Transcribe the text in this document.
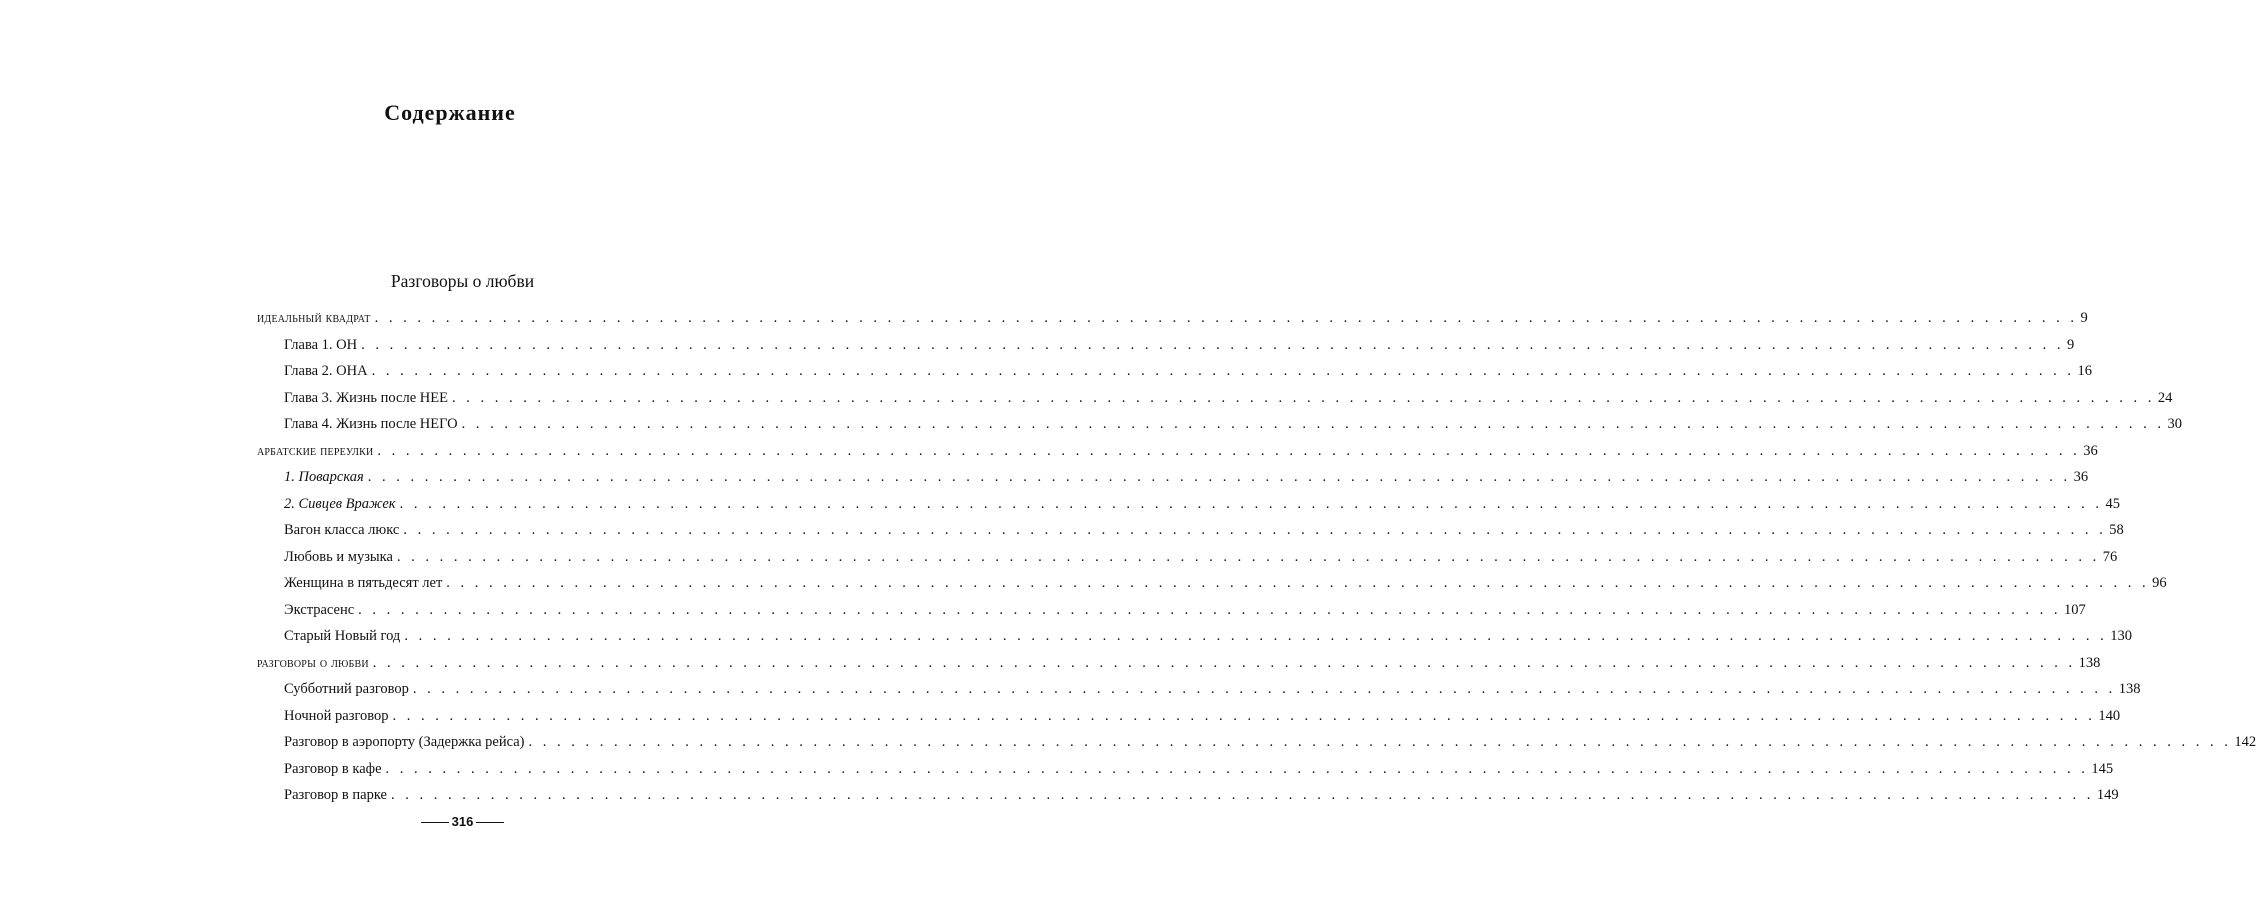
Содержание
Разговоры о любви
идеальный квадрат . . . . . . . . . . . . . . . . . . . . . . . . . . . . . . . . . . . . . . . . . . . . . . . . . . . . . . . . . . . . . . . . . . . . . . . . . . . . . . . . . . . . . . . . . . . . . . . . . . . . . . . . . . . . . . . . . . . . . . . . 9
Глава 1. ОН . . . . . . . . . . . . . . . . . . . . . . . . . . . . . . . . . . . . . . . . . . . . . . . . . . . . . . . . . . . . . . . . . . . . . . . . . . . . . . . . . . . . . . . . . . . . . . . . . . . . . . . . . . . . . . . . . . . . . . . . 9
Глава 2. ОНА . . . . . . . . . . . . . . . . . . . . . . . . . . . . . . . . . . . . . . . . . . . . . . . . . . . . . . . . . . . . . . . . . . . . . . . . . . . . . . . . . . . . . . . . . . . . . . . . . . . . . . . . . . . . . . . . . . . . . . . . 16
Глава 3. Жизнь после НЕЕ . . . . . . . . . . . . . . . . . . . . . . . . . . . . . . . . . . . . . . . . . . . . . . . . . . . . . . . . . . . . . . . . . . . . . . . . . . . . . . . . . . . . . . . . . . . . . . . . . . . . . . . . . . . . . . . . . . . . . . . . 24
Глава 4. Жизнь после НЕГО . . . . . . . . . . . . . . . . . . . . . . . . . . . . . . . . . . . . . . . . . . . . . . . . . . . . . . . . . . . . . . . . . . . . . . . . . . . . . . . . . . . . . . . . . . . . . . . . . . . . . . . . . . . . . . . . . . . . . . . . 30
арбатские переулки . . . . . . . . . . . . . . . . . . . . . . . . . . . . . . . . . . . . . . . . . . . . . . . . . . . . . . . . . . . . . . . . . . . . . . . . . . . . . . . . . . . . . . . . . . . . . . . . . . . . . . . . . . . . . . . . . . . . . . . . 36
1. Поварская . . . . . . . . . . . . . . . . . . . . . . . . . . . . . . . . . . . . . . . . . . . . . . . . . . . . . . . . . . . . . . . . . . . . . . . . . . . . . . . . . . . . . . . . . . . . . . . . . . . . . . . . . . . . . . . . . . . . . . . . 36
2. Сивцев Вражек . . . . . . . . . . . . . . . . . . . . . . . . . . . . . . . . . . . . . . . . . . . . . . . . . . . . . . . . . . . . . . . . . . . . . . . . . . . . . . . . . . . . . . . . . . . . . . . . . . . . . . . . . . . . . . . . . . . . . . . . 45
Вагон класса люкс . . . . . . . . . . . . . . . . . . . . . . . . . . . . . . . . . . . . . . . . . . . . . . . . . . . . . . . . . . . . . . . . . . . . . . . . . . . . . . . . . . . . . . . . . . . . . . . . . . . . . . . . . . . . . . . . . . . . . . . . 58
Любовь и музыка . . . . . . . . . . . . . . . . . . . . . . . . . . . . . . . . . . . . . . . . . . . . . . . . . . . . . . . . . . . . . . . . . . . . . . . . . . . . . . . . . . . . . . . . . . . . . . . . . . . . . . . . . . . . . . . . . . . . . . . . 76
Женщина в пятьдесят лет . . . . . . . . . . . . . . . . . . . . . . . . . . . . . . . . . . . . . . . . . . . . . . . . . . . . . . . . . . . . . . . . . . . . . . . . . . . . . . . . . . . . . . . . . . . . . . . . . . . . . . . . . . . . . . . . . . . . . . . . 96
Экстрасенс . . . . . . . . . . . . . . . . . . . . . . . . . . . . . . . . . . . . . . . . . . . . . . . . . . . . . . . . . . . . . . . . . . . . . . . . . . . . . . . . . . . . . . . . . . . . . . . . . . . . . . . . . . . . . . . . . . . . . . . . 107
Старый Новый год . . . . . . . . . . . . . . . . . . . . . . . . . . . . . . . . . . . . . . . . . . . . . . . . . . . . . . . . . . . . . . . . . . . . . . . . . . . . . . . . . . . . . . . . . . . . . . . . . . . . . . . . . . . . . . . . . . . . . . . . 130
разговоры о любви . . . . . . . . . . . . . . . . . . . . . . . . . . . . . . . . . . . . . . . . . . . . . . . . . . . . . . . . . . . . . . . . . . . . . . . . . . . . . . . . . . . . . . . . . . . . . . . . . . . . . . . . . . . . . . . . . . . . . . . . 138
Субботний разговор . . . . . . . . . . . . . . . . . . . . . . . . . . . . . . . . . . . . . . . . . . . . . . . . . . . . . . . . . . . . . . . . . . . . . . . . . . . . . . . . . . . . . . . . . . . . . . . . . . . . . . . . . . . . . . . . . . . . . . . . 138
Ночной разговор . . . . . . . . . . . . . . . . . . . . . . . . . . . . . . . . . . . . . . . . . . . . . . . . . . . . . . . . . . . . . . . . . . . . . . . . . . . . . . . . . . . . . . . . . . . . . . . . . . . . . . . . . . . . . . . . . . . . . . . . 140
Разговор в аэропорту (Задержка рейса) . . . . . . . . . . . . . . . . . . . . . . . . . . . . . . . . . . . . . . . . . . . . . . . . . . . . . . . . . . . . . . . . . . . . . . . . . . . . . . . . . . . . . . . . . . . . . . . . . . . . . . . . . . . . . . . . . . . . . . . . 142
Разговор в кафе . . . . . . . . . . . . . . . . . . . . . . . . . . . . . . . . . . . . . . . . . . . . . . . . . . . . . . . . . . . . . . . . . . . . . . . . . . . . . . . . . . . . . . . . . . . . . . . . . . . . . . . . . . . . . . . . . . . . . . . . 145
Разговор в парке . . . . . . . . . . . . . . . . . . . . . . . . . . . . . . . . . . . . . . . . . . . . . . . . . . . . . . . . . . . . . . . . . . . . . . . . . . . . . . . . . . . . . . . . . . . . . . . . . . . . . . . . . . . . . . . . . . . . . . . . 149
316
